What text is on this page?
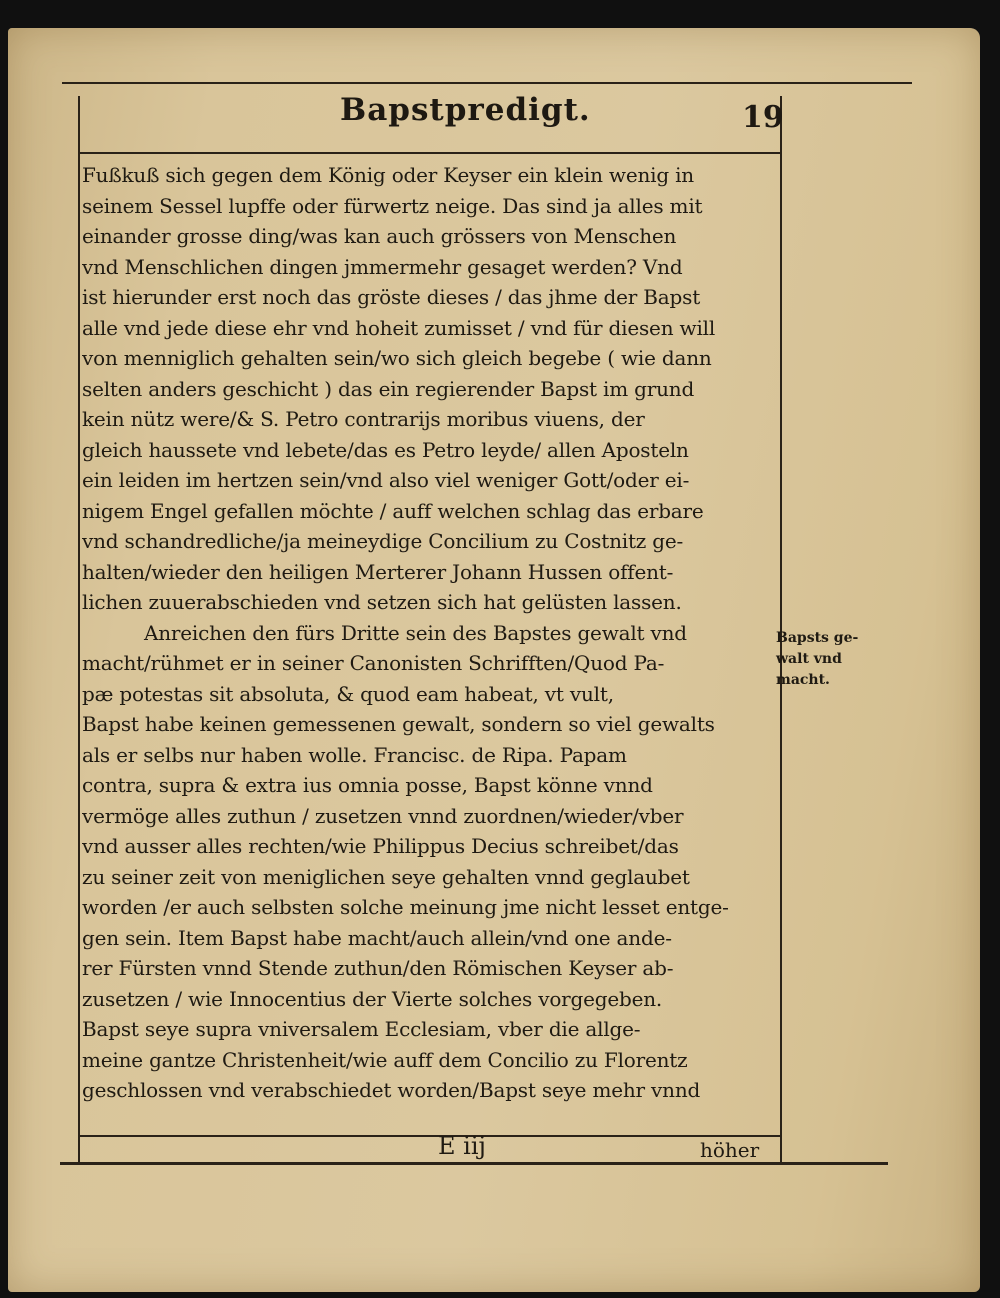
Bapstpredigt.	19
Fußkuß sich gegen dem König oder Keyser ein klein wenig in
seinem Sessel lupffe oder fürwertz neige. Das sind ja alles mit
einander grosse ding/was kan auch grössers von Menschen
vnd Menschlichen dingen jmmermehr gesaget werden? Vnd
ist hierunder erst noch das gröste dieses / das jhme der Bapst
alle vnd jede diese ehr vnd hoheit zumisset / vnd für diesen will
von menniglich gehalten sein/wo sich gleich begebe ( wie dann
selten anders geschicht ) das ein regierender Bapst im grund
kein nütz were/& S. Petro contrarijs moribus viuens, der
gleich haussete vnd lebete/das es Petro leyde/ allen Aposteln
ein leiden im hertzen sein/vnd also viel weniger Gott/oder ei-
nigem Engel gefallen möchte / auff welchen schlag das erbare
vnd schandredliche/ja meineydige Concilium zu Costnitz ge-
halten/wieder den heiligen Merterer Johann Hussen offent-
lichen zuuerabschieden vnd setzen sich hat gelüsten lassen.
Anreichen den fürs Dritte sein des Bapstes gewalt vnd
macht/rühmet er in seiner Canonisten Schrifften/Quod Pa-
pæ potestas sit absoluta, & quod eam habeat, vt vult,
Bapst habe keinen gemessenen gewalt, sondern so viel gewalts
als er selbs nur haben wolle. Francisc. de Ripa. Papam
contra, supra & extra ius omnia posse, Bapst könne vnnd
vermöge alles zuthun / zusetzen vnnd zuordnen/wieder/vber
vnd ausser alles rechten/wie Philippus Decius schreibet/das
zu seiner zeit von meniglichen seye gehalten vnnd geglaubet
worden /er auch selbsten solche meinung jme nicht lesset entge-
gen sein. Item Bapst habe macht/auch allein/vnd one ande-
rer Fürsten vnnd Stende zuthun/den Römischen Keyser ab-
zusetzen / wie Innocentius der Vierte solches vorgegeben.
Bapst seye supra vniversalem Ecclesiam, vber die allge-
meine gantze Christenheit/wie auff dem Concilio zu Florentz
geschlossen vnd verabschiedet worden/Bapst seye mehr vnnd
Bapsts ge-
walt vnd
macht.
E iij	höher
